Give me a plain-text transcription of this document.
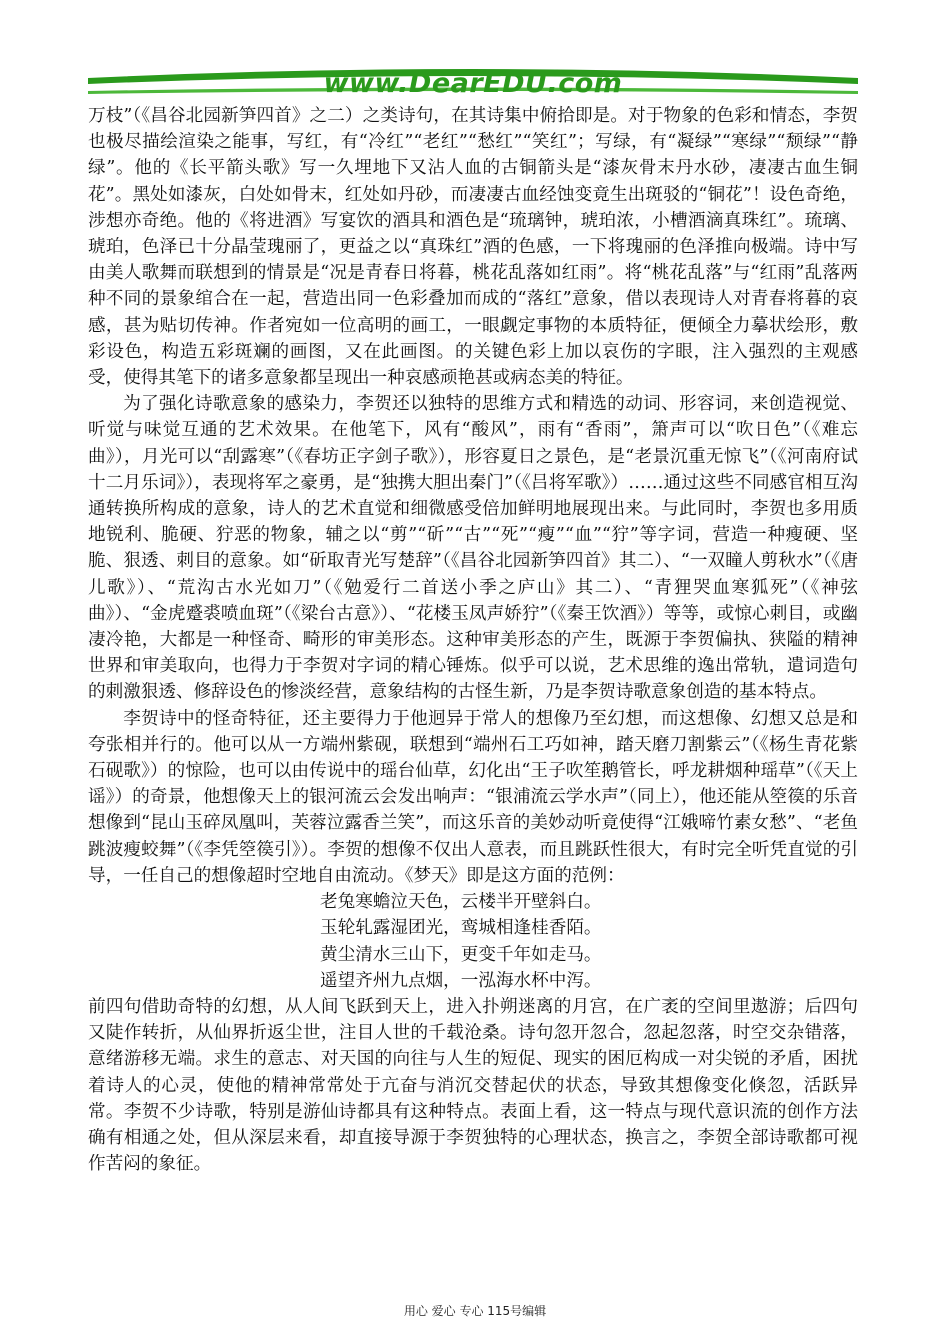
www.DearEDU.com

万枝”（《昌谷北园新笋四首》之二）之类诗句，在其诗集中俯拾即是。对于物象的色彩和情态，李贺也极尽描绘渲染之能事，写红，有“冷红”“老红”“愁红”“笑红”；写绿，有“凝绿”“寒绿”“颓绿”“静绿”。他的《长平箭头歌》写一久埋地下又沾人血的古铜箭头是“漆灰骨末丹水砂，凄凄古血生铜花”。黑处如漆灰，白处如骨末，红处如丹砂，而凄凄古血经蚀变竟生出斑驳的“铜花”！设色奇绝，涉想亦奇绝。他的《将进酒》写宴饮的酒具和酒色是“琉璃钟，琥珀浓，小槽酒滴真珠红”。琉璃、琥珀，色泽已十分晶莹瑰丽了，更益之以“真珠红”酒的色感，一下将瑰丽的色泽推向极端。诗中写由美人歌舞而联想到的情景是“况是青春日将暮，桃花乱落如红雨”。将“桃花乱落”与“红雨”乱落两种不同的景象绾合在一起，营造出同一色彩叠加而成的“落红”意象，借以表现诗人对青春将暮的哀感，甚为贴切传神。作者宛如一位高明的画工，一眼觑定事物的本质特征，便倾全力摹状绘形，敷彩设色，构造五彩斑斓的画图，又在此画图。的关键色彩上加以哀伤的字眼，注入强烈的主观感受，使得其笔下的诸多意象都呈现出一种哀感顽艳甚或病态美的特征。

为了强化诗歌意象的感染力，李贺还以独特的思维方式和精选的动词、形容词，来创造视觉、听觉与味觉互通的艺术效果。在他笔下，风有“酸风”，雨有“香雨”，箫声可以“吹日色”（《难忘曲》），月光可以“刮露寒”（《春坊正字剑子歌》），形容夏日之景色，是“老景沉重无惊飞”（《河南府试十二月乐词》），表现将军之豪勇，是“独携大胆出秦门”（《吕将军歌》）……通过这些不同感官相互沟通转换所构成的意象，诗人的艺术直觉和细微感受倍加鲜明地展现出来。与此同时，李贺也多用质地锐利、脆硬、狞恶的物象，辅之以“剪”“斫”“古”“死”“瘦”“血”“狞”等字词，营造一种瘦硬、坚脆、狠透、刺目的意象。如“斫取青光写楚辞”（《昌谷北园新笋四首》其二）、“一双瞳人剪秋水”（《唐儿歌》）、“荒沟古水光如刀”（《勉爱行二首送小季之庐山》其二）、“青狸哭血寒狐死”（《神弦曲》）、“金虎蹙裘喷血斑”（《梁台古意》）、“花楼玉凤声娇狞”（《秦王饮酒》）等等，或惊心刺目，或幽凄冷艳，大都是一种怪奇、畸形的审美形态。这种审美形态的产生，既源于李贺偏执、狭隘的精神世界和审美取向，也得力于李贺对字词的精心锤炼。似乎可以说，艺术思维的逸出常轨，遣词造句的刺激狠透、修辞设色的惨淡经营，意象结构的古怪生新，乃是李贺诗歌意象创造的基本特点。

李贺诗中的怪奇特征，还主要得力于他迥异于常人的想像乃至幻想，而这想像、幻想又总是和夸张相并行的。他可以从一方端州紫砚，联想到“端州石工巧如神，踏天磨刀割紫云”（《杨生青花紫石砚歌》）的惊险，也可以由传说中的瑶台仙草，幻化出“王子吹笙鹅管长，呼龙耕烟种瑶草”（《天上谣》）的奇景，他想像天上的银河流云会发出响声：“银浦流云学水声”（同上），他还能从箜篌的乐音想像到“昆山玉碎凤凰叫，芙蓉泣露香兰笑”，而这乐音的美妙动听竟使得“江娥啼竹素女愁”、“老鱼跳波瘦蛟舞”（《李凭箜篌引》）。李贺的想像不仅出人意表，而且跳跃性很大，有时完全听凭直觉的引导，一任自己的想像超时空地自由流动。《梦天》即是这方面的范例：

老兔寒蟾泣天色，云楼半开壁斜白。
玉轮轧露湿团光，鸾城相逢桂香陌。
黄尘清水三山下，更变千年如走马。
遥望齐州九点烟，一泓海水杯中泻。

前四句借助奇特的幻想，从人间飞跃到天上，进入扑朔迷离的月宫，在广袤的空间里遨游；后四句又陡作转折，从仙界折返尘世，注目人世的千载沧桑。诗句忽开忽合，忽起忽落，时空交杂错落，意绪游移无端。求生的意志、对天国的向往与人生的短促、现实的困厄构成一对尖锐的矛盾，困扰着诗人的心灵，使他的精神常常处于亢奋与消沉交替起伏的状态，导致其想像变化倏忽，活跃异常。李贺不少诗歌，特别是游仙诗都具有这种特点。表面上看，这一特点与现代意识流的创作方法确有相通之处，但从深层来看，却直接导源于李贺独特的心理状态，换言之，李贺全部诗歌都可视作苦闷的象征。

用心 爱心 专心 115号编辑
